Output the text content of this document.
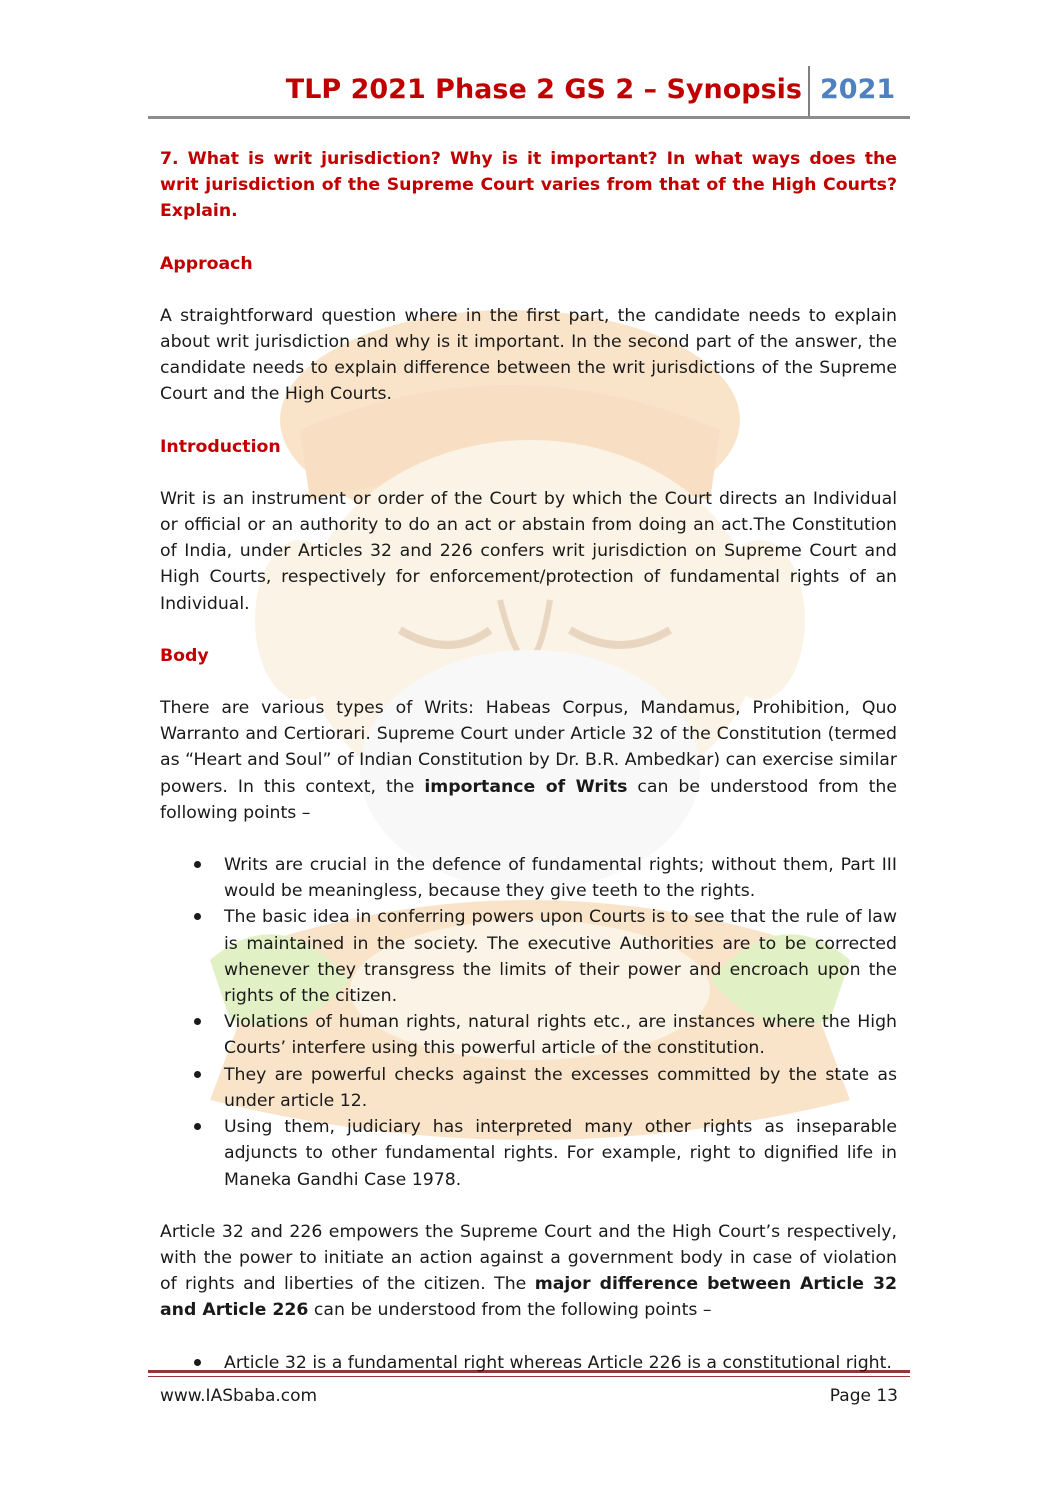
TLP 2021 Phase 2 GS 2 – Synopsis 2021

7. What is writ jurisdiction? Why is it important? In what ways does the writ jurisdiction of the Supreme Court varies from that of the High Courts? Explain.

Approach

A straightforward question where in the first part, the candidate needs to explain about writ jurisdiction and why is it important. In the second part of the answer, the candidate needs to explain difference between the writ jurisdictions of the Supreme Court and the High Courts.

Introduction

Writ is an instrument or order of the Court by which the Court directs an Individual or official or an authority to do an act or abstain from doing an act.The Constitution of India, under Articles 32 and 226 confers writ jurisdiction on Supreme Court and High Courts, respectively for enforcement/protection of fundamental rights of an Individual.

Body

There are various types of Writs: Habeas Corpus, Mandamus, Prohibition, Quo Warranto and Certiorari. Supreme Court under Article 32 of the Constitution (termed as “Heart and Soul” of Indian Constitution by Dr. B.R. Ambedkar) can exercise similar powers. In this context, the importance of Writs can be understood from the following points –

Writs are crucial in the defence of fundamental rights; without them, Part III would be meaningless, because they give teeth to the rights.
The basic idea in conferring powers upon Courts is to see that the rule of law is maintained in the society. The executive Authorities are to be corrected whenever they transgress the limits of their power and encroach upon the rights of the citizen.
Violations of human rights, natural rights etc., are instances where the High Courts’ interfere using this powerful article of the constitution.
They are powerful checks against the excesses committed by the state as under article 12.
Using them, judiciary has interpreted many other rights as inseparable adjuncts to other fundamental rights. For example, right to dignified life in Maneka Gandhi Case 1978.

Article 32 and 226 empowers the Supreme Court and the High Court’s respectively, with the power to initiate an action against a government body in case of violation of rights and liberties of the citizen. The major difference between Article 32 and Article 226 can be understood from the following points –

Article 32 is a fundamental right whereas Article 226 is a constitutional right.
www.IASbaba.com	Page 13
